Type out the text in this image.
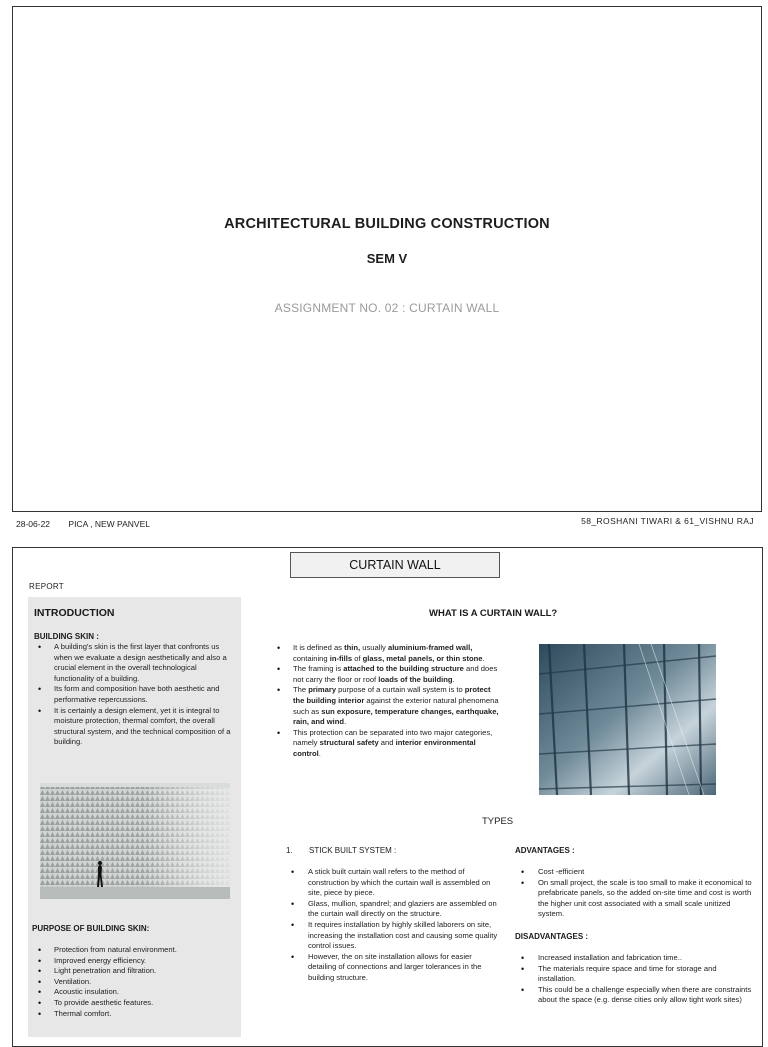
ARCHITECTURAL BUILDING CONSTRUCTION
SEM V
ASSIGNMENT NO. 02 : CURTAIN WALL
28-06-22 PICA , NEW PANVEL	58_ROSHANI TIWARI & 61_VISHNU RAJ
CURTAIN WALL
REPORT
INTRODUCTION
BUILDING SKIN :
• A building's skin is the first layer that confronts us when we evaluate a design aesthetically and also a crucial element in the overall technological functionality of a building.
• Its form and composition have both aesthetic and performative repercussions.
• It is certainly a design element, yet it is integral to moisture protection, thermal comfort, the overall structural system, and the technical composition of a building.
PURPOSE OF BUILDING SKIN:
• Protection from natural environment.
• Improved energy efficiency.
• Light penetration and filtration.
• Ventilation.
• Acoustic insulation.
• To provide aesthetic features.
• Thermal comfort.
WHAT IS A CURTAIN WALL?
• It is defined as thin, usually aluminium-framed wall, containing in-fills of glass, metal panels, or thin stone.
• The framing is attached to the building structure and does not carry the floor or roof loads of the building.
• The primary purpose of a curtain wall system is to protect the building interior against the exterior natural phenomena such as sun exposure, temperature changes, earthquake, rain, and wind.
• This protection can be separated into two major categories, namely structural safety and interior environmental control.
TYPES
1. STICK BUILT SYSTEM :
• A stick built curtain wall refers to the method of construction by which the curtain wall is assembled on site, piece by piece.
• Glass, mullion, spandrel; and glaziers are assembled on the curtain wall directly on the structure.
• It requires installation by highly skilled laborers on site, increasing the installation cost and causing some quality control issues.
• However, the on site installation allows for easier detailing of connections and larger tolerances in the building structure.
ADVANTAGES :
• Cost -efficient
• On small project, the scale is too small to make it economical to prefabricate panels, so the added on-site time and cost is worth the higher unit cost associated with a small scale unitized system.
DISADVANTAGES :
• Increased installation and fabrication time..
• The materials require space and time for storage and installation.
• This could be a challenge especially when there are constraints about the space (e.g. dense cities only allow tight work sites)
